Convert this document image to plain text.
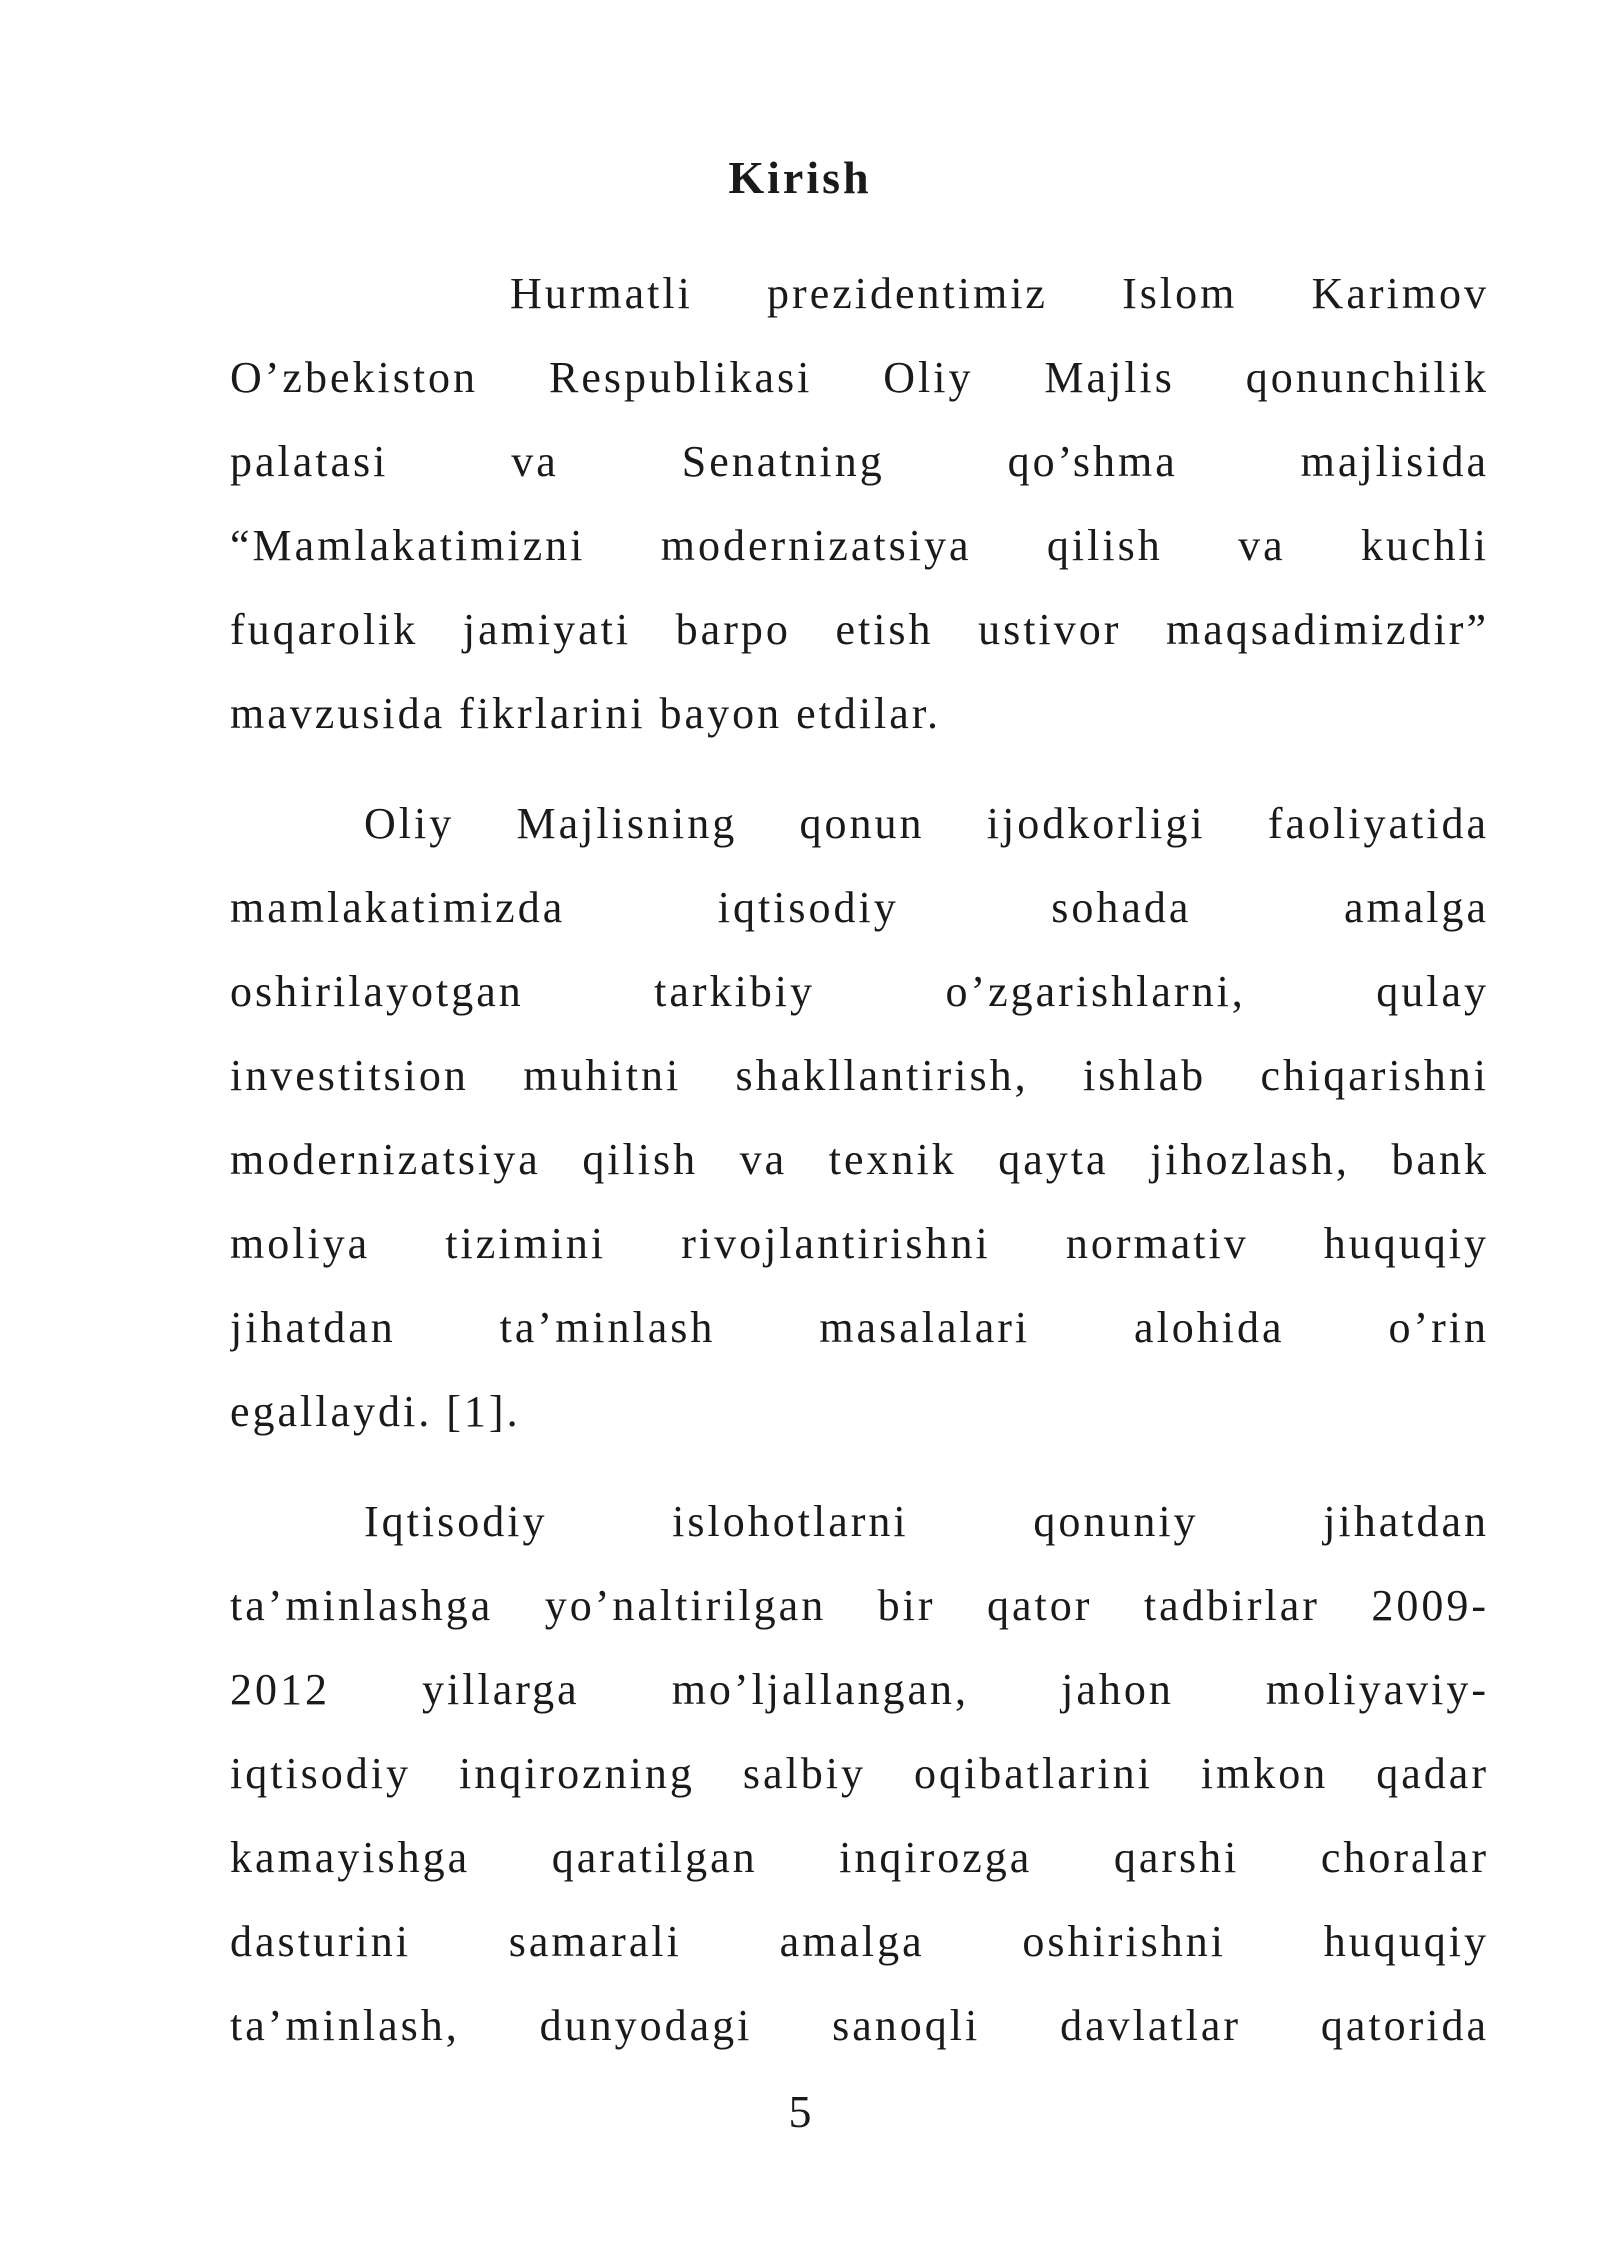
Kirish
Hurmatli prezidentimiz Islom Karimov
O’zbekiston Respublikasi Oliy Majlis qonunchilik
palatasi va Senatning qo’shma majlisida
“Mamlakatimizni modernizatsiya qilish va kuchli
fuqarolik jamiyati barpo etish ustivor maqsadimizdir”
mavzusida fikrlarini bayon etdilar.
Oliy Majlisning qonun ijodkorligi faoliyatida
mamlakatimizda iqtisodiy sohada amalga
oshirilayotgan tarkibiy o’zgarishlarni, qulay
investitsion muhitni shakllantirish, ishlab chiqarishni
modernizatsiya qilish va texnik qayta jihozlash, bank
moliya tizimini rivojlantirishni normativ huquqiy
jihatdan ta’minlash masalalari alohida o’rin
egallaydi. [1].
Iqtisodiy islohotlarni qonuniy jihatdan
ta’minlashga yo’naltirilgan bir qator tadbirlar 2009-
2012 yillarga mo’ljallangan, jahon moliyaviy-
iqtisodiy inqirozning salbiy oqibatlarini imkon qadar
kamayishga qaratilgan inqirozga qarshi choralar
dasturini samarali amalga oshirishni huquqiy
ta’minlash, dunyodagi sanoqli davlatlar qatorida

5
